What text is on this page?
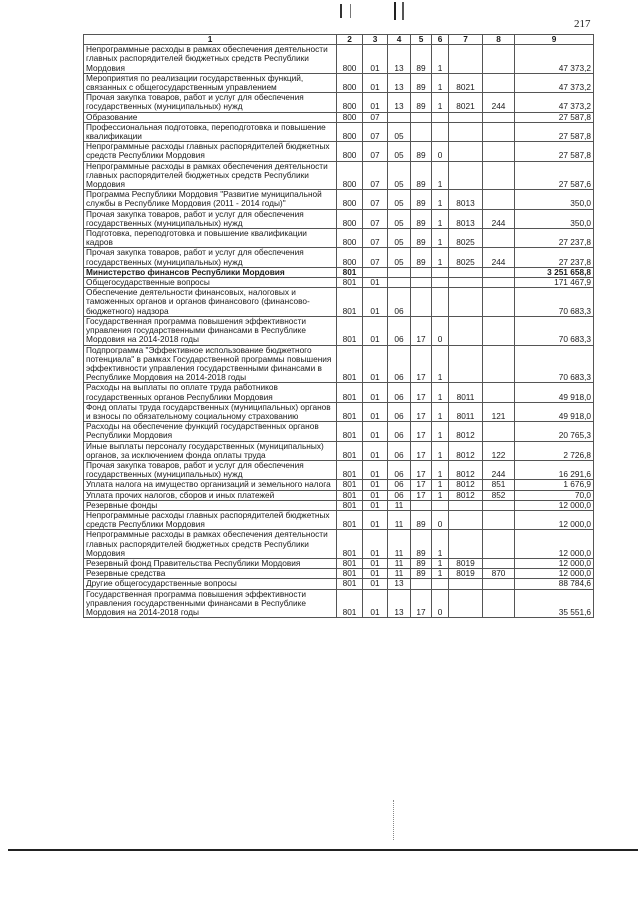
217
1	2	3	4	5	6	7	8	9
Непрограммные расходы в рамках обеспечения деятельности главных распорядителей бюджетных средств Республики Мордовия	800	01	13	89	1			47 373,2
Мероприятия по реализации государственных функций, связанных с общегосударственным управлением	800	01	13	89	1	8021		47 373,2
Прочая закупка товаров, работ и услуг для обеспечения государственных (муниципальных) нужд	800	01	13	89	1	8021	244	47 373,2
Образование	800	07						27 587,8
Профессиональная подготовка, переподготовка и повышение квалификации	800	07	05					27 587,8
Непрограммные расходы главных распорядителей бюджетных средств Республики Мордовия	800	07	05	89	0			27 587,8
Непрограммные расходы в рамках обеспечения деятельности главных распорядителей бюджетных средств Республики Мордовия	800	07	05	89	1			27 587,6
Программа Республики Мордовия "Развитие муниципальной службы в Республике Мордовия (2011 - 2014 годы)"	800	07	05	89	1	8013		350,0
Прочая закупка товаров, работ и услуг для обеспечения государственных (муниципальных) нужд	800	07	05	89	1	8013	244	350,0
Подготовка, переподготовка и повышение квалификации кадров	800	07	05	89	1	8025		27 237,8
Прочая закупка товаров, работ и услуг для обеспечения государственных (муниципальных) нужд	800	07	05	89	1	8025	244	27 237,8
Министерство финансов Республики Мордовия	801							3 251 658,8
Общегосударственные вопросы	801	01						171 467,9
Обеспечение деятельности финансовых, налоговых и таможенных органов и органов финансового (финансово-бюджетного) надзора	801	01	06					70 683,3
Государственная программа повышения эффективности управления государственными финансами в Республике Мордовия на 2014-2018 годы	801	01	06	17	0			70 683,3
Подпрограмма "Эффективное использование бюджетного потенциала" в рамках Государственной программы повышения эффективности управления государственными финансами в Республике Мордовия на 2014-2018 годы	801	01	06	17	1			70 683,3
Расходы на выплаты по оплате труда работников государственных органов Республики Мордовия	801	01	06	17	1	8011		49 918,0
Фонд оплаты труда государственных (муниципальных) органов и взносы по обязательному социальному страхованию	801	01	06	17	1	8011	121	49 918,0
Расходы на обеспечение функций государственных органов Республики Мордовия	801	01	06	17	1	8012		20 765,3
Иные выплаты персоналу государственных (муниципальных) органов, за исключением фонда оплаты труда	801	01	06	17	1	8012	122	2 726,8
Прочая закупка товаров, работ и услуг для обеспечения государственных (муниципальных) нужд	801	01	06	17	1	8012	244	16 291,6
Уплата налога на имущество организаций и земельного налога	801	01	06	17	1	8012	851	1 676,9
Уплата прочих налогов, сборов и иных платежей	801	01	06	17	1	8012	852	70,0
Резервные фонды	801	01	11					12 000,0
Непрограммные расходы главных распорядителей бюджетных средств Республики Мордовия	801	01	11	89	0			12 000,0
Непрограммные расходы в рамках обеспечения деятельности главных распорядителей бюджетных средств Республики Мордовия	801	01	11	89	1			12 000,0
Резервный фонд Правительства Республики Мордовия	801	01	11	89	1	8019		12 000,0
Резервные средства	801	01	11	89	1	8019	870	12 000,0
Другие общегосударственные вопросы	801	01	13					88 784,6
Государственная программа повышения эффективности управления государственными финансами в Республике Мордовия на 2014-2018 годы	801	01	13	17	0			35 551,6
